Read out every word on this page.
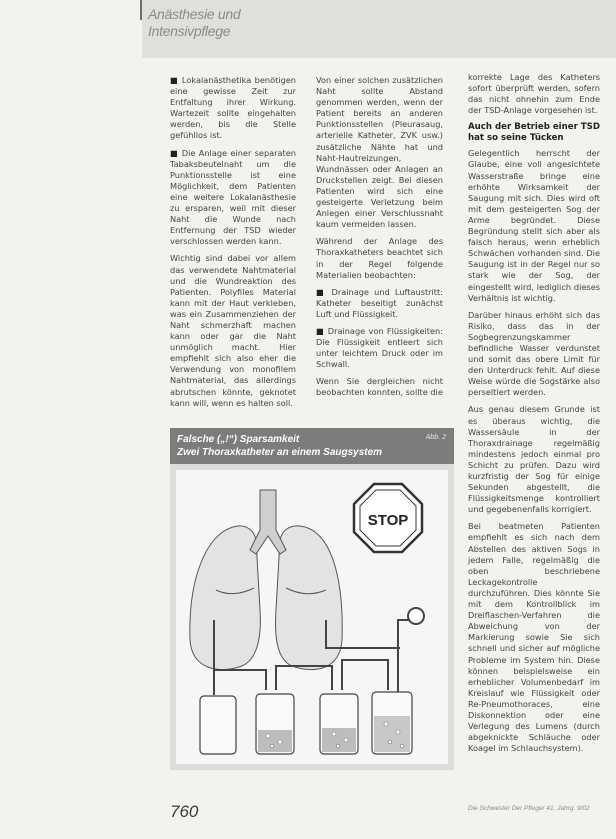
Anästhesie und
Intensivpflege

■ Lokalanästhetika benötigen eine gewisse Zeit zur Entfaltung ihrer Wirkung. Wartezeit sollte eingehalten werden, bis die Stelle gefühllos ist.

■ Die Anlage einer separaten Tabaksbeutelnaht um die Punktionsstelle ist eine Möglichkeit, dem Patienten eine weitere Lokalanästhesie zu ersparen, weil mit dieser Naht die Wunde nach Entfernung der TSD wieder verschlossen werden kann.

Wichtig sind dabei vor allem das verwendete Nahtmaterial und die Wundreaktion des Patienten. Polyfiles Material kann mit der Haut verkleben, was ein Zusammenziehen der Naht schmerzhaft machen kann oder gar die Naht unmöglich macht. Hier empfiehlt sich also eher die Verwendung von monofilem Nahtmaterial, das allerdings abrutschen könnte, geknotet kann will, wenn es halten soll.

Von einer solchen zusätzlichen Naht sollte Abstand genommen werden, wenn der Patient bereits an anderen Punktionsstellen (Pleurasaug, arterielle Katheter, ZVK usw.) zusätzliche Nähte hat und Naht-Hautreizungen, Wundnässen oder Anlagen an Druckstellen zeigt. Bei diesen Patienten wird sich eine gesteigerte Verletzung beim Anlegen einer Verschlussnaht kaum vermeiden lassen.

Während der Anlage des Thoraxkatheters beachtet sich in der Regel folgende Materialien beobachten:

■ Drainage und Luftaustritt: Katheter beseitigt zunächst Luft und Flüssigkeit.

■ Drainage von Flüssigkeiten: Die Flüssigkeit entleert sich unter leichtem Druck oder im Schwall.

Wenn Sie dergleichen nicht beobachten konnten, sollte die

korrekte Lage des Katheters sofort überprüft werden, sofern das nicht ohnehin zum Ende der TSD-Anlage vorgesehen ist.

Auch der Betrieb einer TSD hat so seine Tücken

Gelegentlich herrscht der Glaube, eine voll angesichtete Wasserstraße bringe eine erhöhte Wirksamkeit der Saugung mit sich. Dies wird oft mit dem gesteigerten Sog der Arme begründet. Diese Begründung stellt sich aber als falsch heraus, wenn erheblich Schwächen vorhanden sind. Die Saugung ist in der Regel nur so stark wie der Sog, der eingestellt wird, lediglich dieses Verhältnis ist wichtig.

Darüber hinaus erhöht sich das Risiko, dass das in der Sogbegrenzungskammer befindliche Wasser verdunstet und somit das obere Limit für den Unterdruck fehlt. Auf diese Weise würde die Sogstärke also perseltiert werden.

Aus genau diesem Grunde ist es überaus wichtig, die Wassersäule in der Thoraxdrainage regelmäßig mindestens jedoch einmal pro Schicht zu prüfen. Dazu wird kurzfristig der Sog für einige Sekunden abgestellt, die Flüssigkeitsmenge kontrolliert und gegebenenfalls korrigiert.

Bei beatmeten Patienten empfiehlt es sich nach dem Abstellen des aktiven Sogs in jedem Falle, regelmäßig die oben beschriebene Leckagekontrolle durchzuführen. Dies könnte Sie mit dem Kontrollblick im Dreiflaschen-Verfahren die Abweichung von der Markierung sowie Sie sich schnell und sicher auf mögliche Probleme im System hin. Diese können beispielsweise ein erheblicher Volumenbedarf im Kreislauf wie Flüssigkeit oder Re-Pneumothoraces, eine Diskonnektion oder eine Verlegung des Lumens (durch abgeknickte Schläuche oder Koagel im Schlauchsystem).

Falsche („!“) Sparsamkeit
Zwei Thoraxkatheter an einem Saugsystem
Abb. 2
STOP
760	Die Schwester Der Pfleger 41. Jahrg. 9/02
